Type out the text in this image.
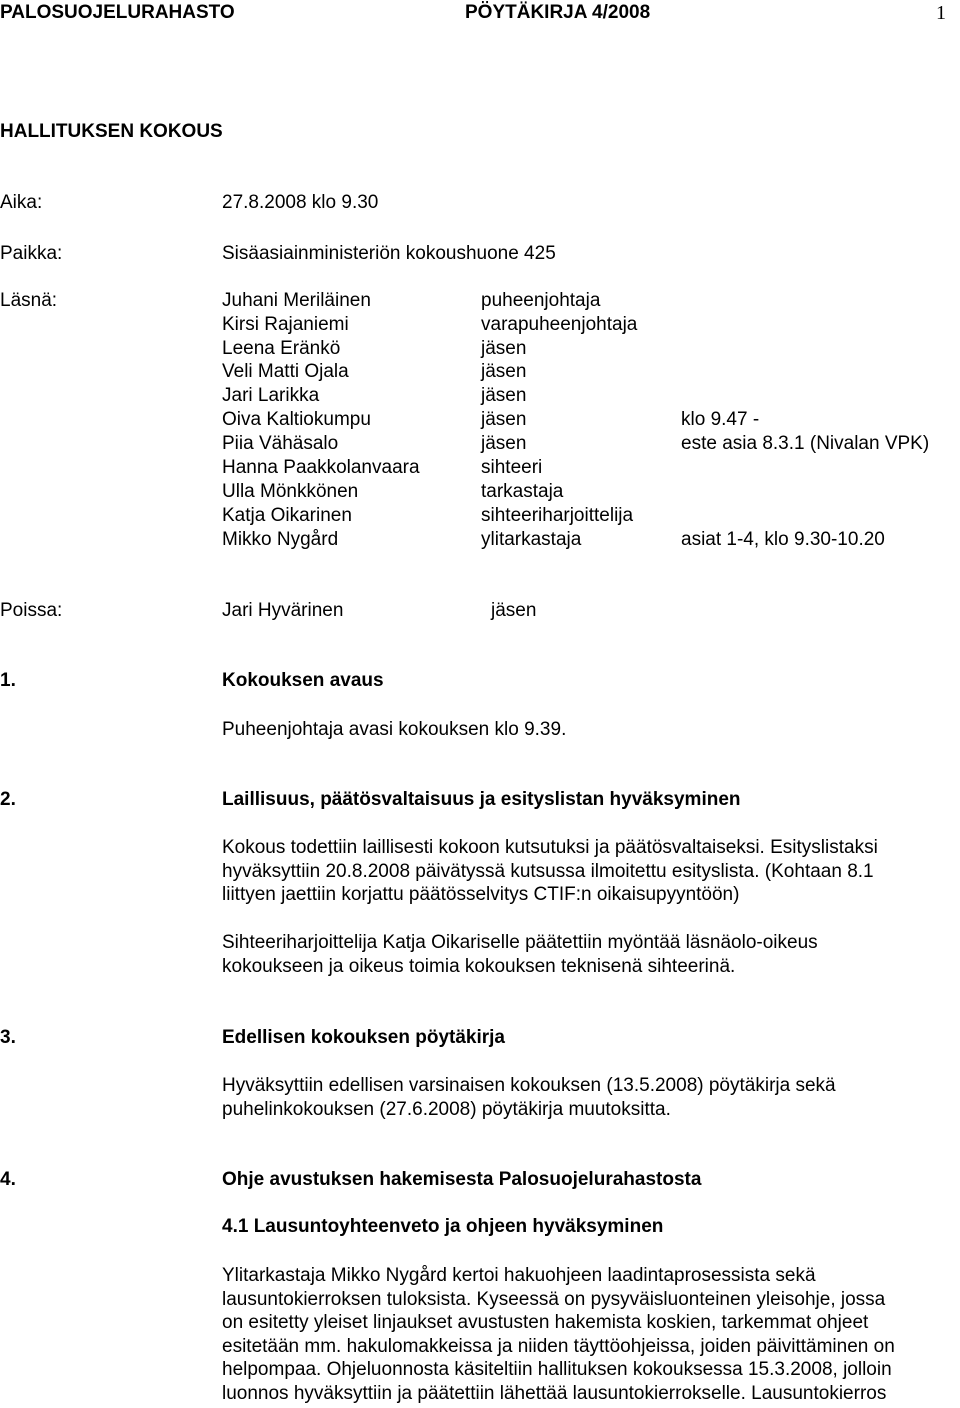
PALOSUOJELURAHASTO	PÖYTÄKIRJA 4/2008	1
HALLITUKSEN KOKOUS
Aika:	27.8.2008 klo 9.30
Paikka:	Sisäasiainministeriön kokoushuone 425
Läsnä:	Juhani Meriläinen	puheenjohtaja
Kirsi Rajaniemi	varapuheenjohtaja
Leena Eränkö	jäsen
Veli Matti Ojala	jäsen
Jari Larikka	jäsen
Oiva Kaltiokumpu	jäsen	klo 9.47 -
Piia Vähäsalo	jäsen	este asia 8.3.1 (Nivalan VPK)
Hanna Paakkolanvaara	sihteeri
Ulla Mönkkönen	tarkastaja
Katja Oikarinen	sihteeriharjoittelija
Mikko Nygård	ylitarkastaja	asiat 1-4, klo 9.30-10.20
Poissa:	Jari Hyvärinen	jäsen
1.	Kokouksen avaus
Puheenjohtaja avasi kokouksen klo 9.39.
2.	Laillisuus, päätösvaltaisuus ja esityslistan hyväksyminen

Kokous todettiin laillisesti kokoon kutsutuksi ja päätösvaltaiseksi. Esityslistaksi

hyväksyttiin 20.8.2008 päivätyssä kutsussa ilmoitettu esityslista. (Kohtaan 8.1

liittyen jaettiin korjattu päätösselvitys CTIF:n oikaisupyyntöön)

Sihteeriharjoittelija Katja Oikariselle päätettiin myöntää läsnäolo-oikeus

kokoukseen ja oikeus toimia kokouksen teknisenä sihteerinä.

3.	Edellisen kokouksen pöytäkirja

Hyväksyttiin edellisen varsinaisen kokouksen (13.5.2008) pöytäkirja sekä

puhelinkokouksen (27.6.2008) pöytäkirja muutoksitta.

4.	Ohje avustuksen hakemisesta Palosuojelurahastosta
4.1 Lausuntoyhteenveto ja ohjeen hyväksyminen

Ylitarkastaja Mikko Nygård kertoi hakuohjeen laadintaprosessista sekä

lausuntokierroksen tuloksista. Kyseessä on pysyväisluonteinen yleisohje, jossa

on esitetty yleiset linjaukset avustusten hakemista koskien, tarkemmat ohjeet

esitetään mm. hakulomakkeissa ja niiden täyttöohjeissa, joiden päivittäminen on

helpompaa. Ohjeluonnosta käsiteltiin hallituksen kokouksessa 15.3.2008, jolloin

luonnos hyväksyttiin ja päätettiin lähettää lausuntokierrokselle. Lausuntokierros
